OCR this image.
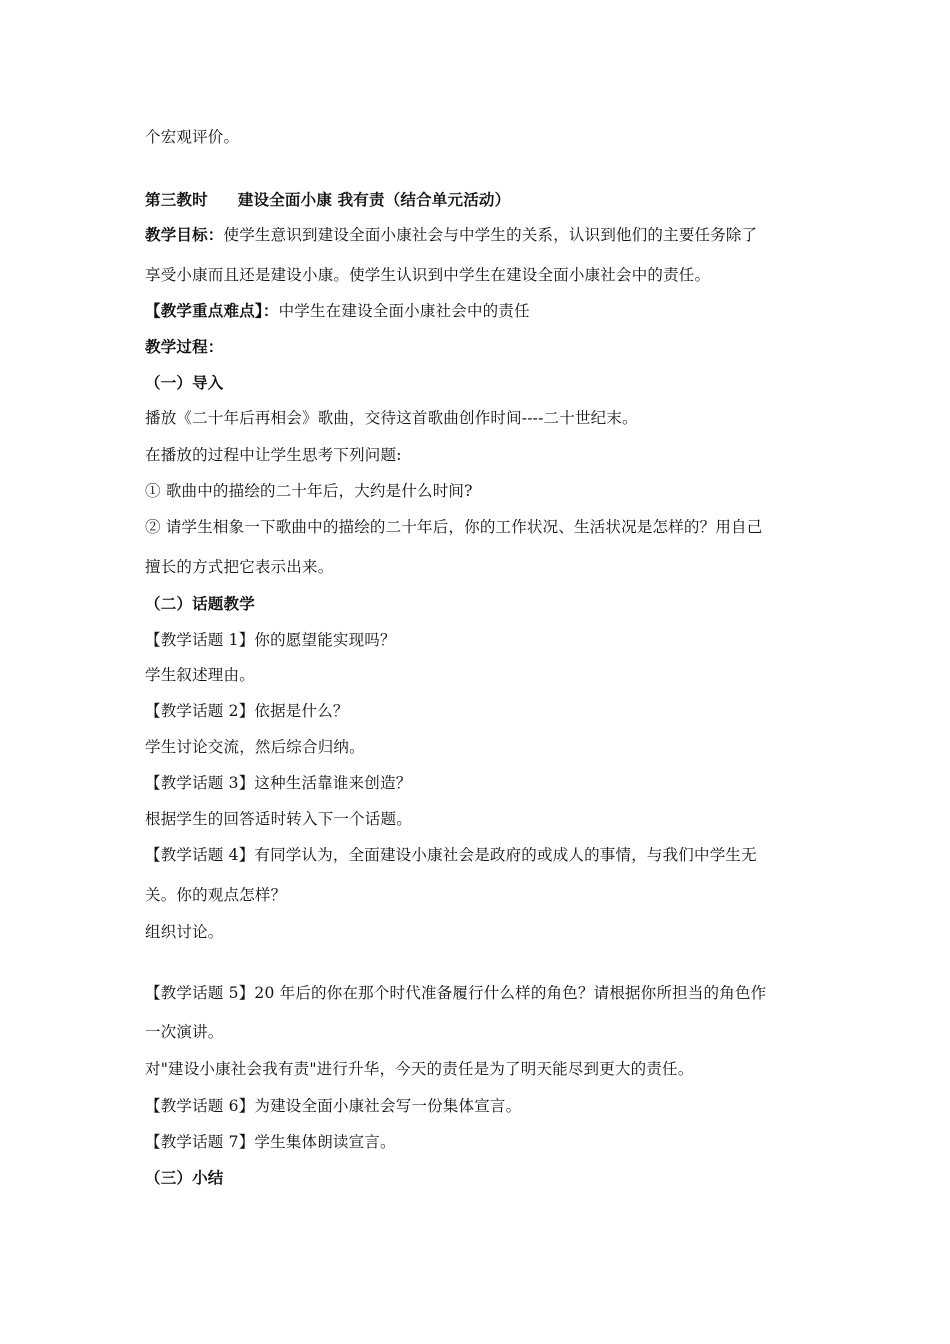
个宏观评价。
第三教时 建设全面小康 我有责（结合单元活动）
教学目标：使学生意识到建设全面小康社会与中学生的关系，认识到他们的主要任务除了
享受小康而且还是建设小康。使学生认识到中学生在建设全面小康社会中的责任。
【教学重点难点】：中学生在建设全面小康社会中的责任
教学过程：
（一）导入
播放《二十年后再相会》歌曲，交待这首歌曲创作时间----二十世纪末。
在播放的过程中让学生思考下列问题:
① 歌曲中的描绘的二十年后，大约是什么时间?
② 请学生相象一下歌曲中的描绘的二十年后，你的工作状况、生活状况是怎样的？用自己
擅长的方式把它表示出来。
（二）话题教学
【教学话题 1】你的愿望能实现吗？
学生叙述理由。
【教学话题 2】依据是什么？
学生讨论交流，然后综合归纳。
【教学话题 3】这种生活靠谁来创造？
根据学生的回答适时转入下一个话题。
【教学话题 4】有同学认为，全面建设小康社会是政府的或成人的事情，与我们中学生无
关。你的观点怎样？
组织讨论。
【教学话题 5】20 年后的你在那个时代准备履行什么样的角色？请根据你所担当的角色作
一次演讲。
对"建设小康社会我有责"进行升华，今天的责任是为了明天能尽到更大的责任。
【教学话题 6】为建设全面小康社会写一份集体宣言。
【教学话题 7】学生集体朗读宣言。
（三）小结
